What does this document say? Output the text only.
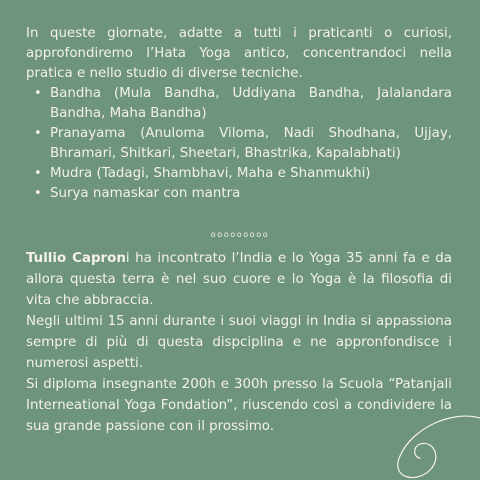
In queste giornate, adatte a tutti i praticanti o curiosi, approfondiremo l’Hata Yoga antico, concentrandoci nella pratica e nello studio di diverse tecniche.

• Bandha (Mula Bandha, Uddiyana Bandha, Jalalandara Bandha, Maha Bandha)
• Pranayama (Anuloma Viloma, Nadi Shodhana, Ujjay, Bhramari, Shitkari, Sheetari, Bhastrika, Kapalabhati)
• Mudra (Tadagi, Shambhavi, Maha e Shanmukhi)
• Surya namaskar con mantra
ooooooooo

Tullio Caproni ha incontrato l’India e lo Yoga 35 anni fa e da allora questa terra è nel suo cuore e lo Yoga è la filosofia di vita che abbraccia.

Negli ultimi 15 anni durante i suoi viaggi in India si appassiona sempre di più di questa dispciplina e ne appronfondisce i numerosi aspetti.

Si diploma insegnante 200h e 300h presso la Scuola “Patanjali Interneational Yoga Fondation”, riuscendo così a condividere la sua grande passione con il prossimo.
